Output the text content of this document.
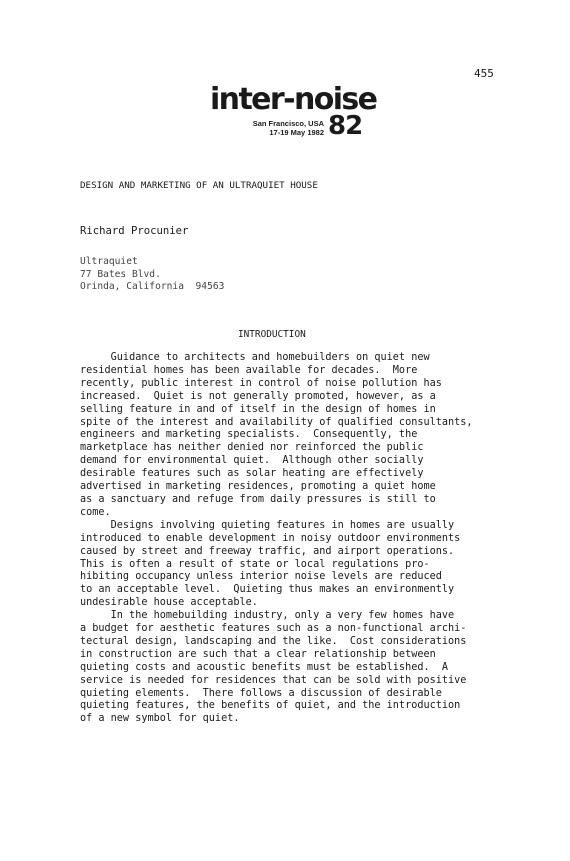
455
inter-noise
San Francisco, USA
17-19 May 1982 82
DESIGN AND MARKETING OF AN ULTRAQUIET HOUSE
Richard Procunier
Ultraquiet
77 Bates Blvd.
Orinda, California  94563
INTRODUCTION
Guidance to architects and homebuilders on quiet new
residential homes has been available for decades.  More
recently, public interest in control of noise pollution has
increased.  Quiet is not generally promoted, however, as a
selling feature in and of itself in the design of homes in
spite of the interest and availability of qualified consultants,
engineers and marketing specialists.  Consequently, the
marketplace has neither denied nor reinforced the public
demand for environmental quiet.  Although other socially
desirable features such as solar heating are effectively
advertised in marketing residences, promoting a quiet home
as a sanctuary and refuge from daily pressures is still to
come.
Designs involving quieting features in homes are usually
introduced to enable development in noisy outdoor environments
caused by street and freeway traffic, and airport operations.
This is often a result of state or local regulations pro-
hibiting occupancy unless interior noise levels are reduced
to an acceptable level.  Quieting thus makes an environmently
undesirable house acceptable.
In the homebuilding industry, only a very few homes have
a budget for aesthetic features such as a non-functional archi-
tectural design, landscaping and the like.  Cost considerations
in construction are such that a clear relationship between
quieting costs and acoustic benefits must be established.  A
service is needed for residences that can be sold with positive
quieting elements.  There follows a discussion of desirable
quieting features, the benefits of quiet, and the introduction
of a new symbol for quiet.
